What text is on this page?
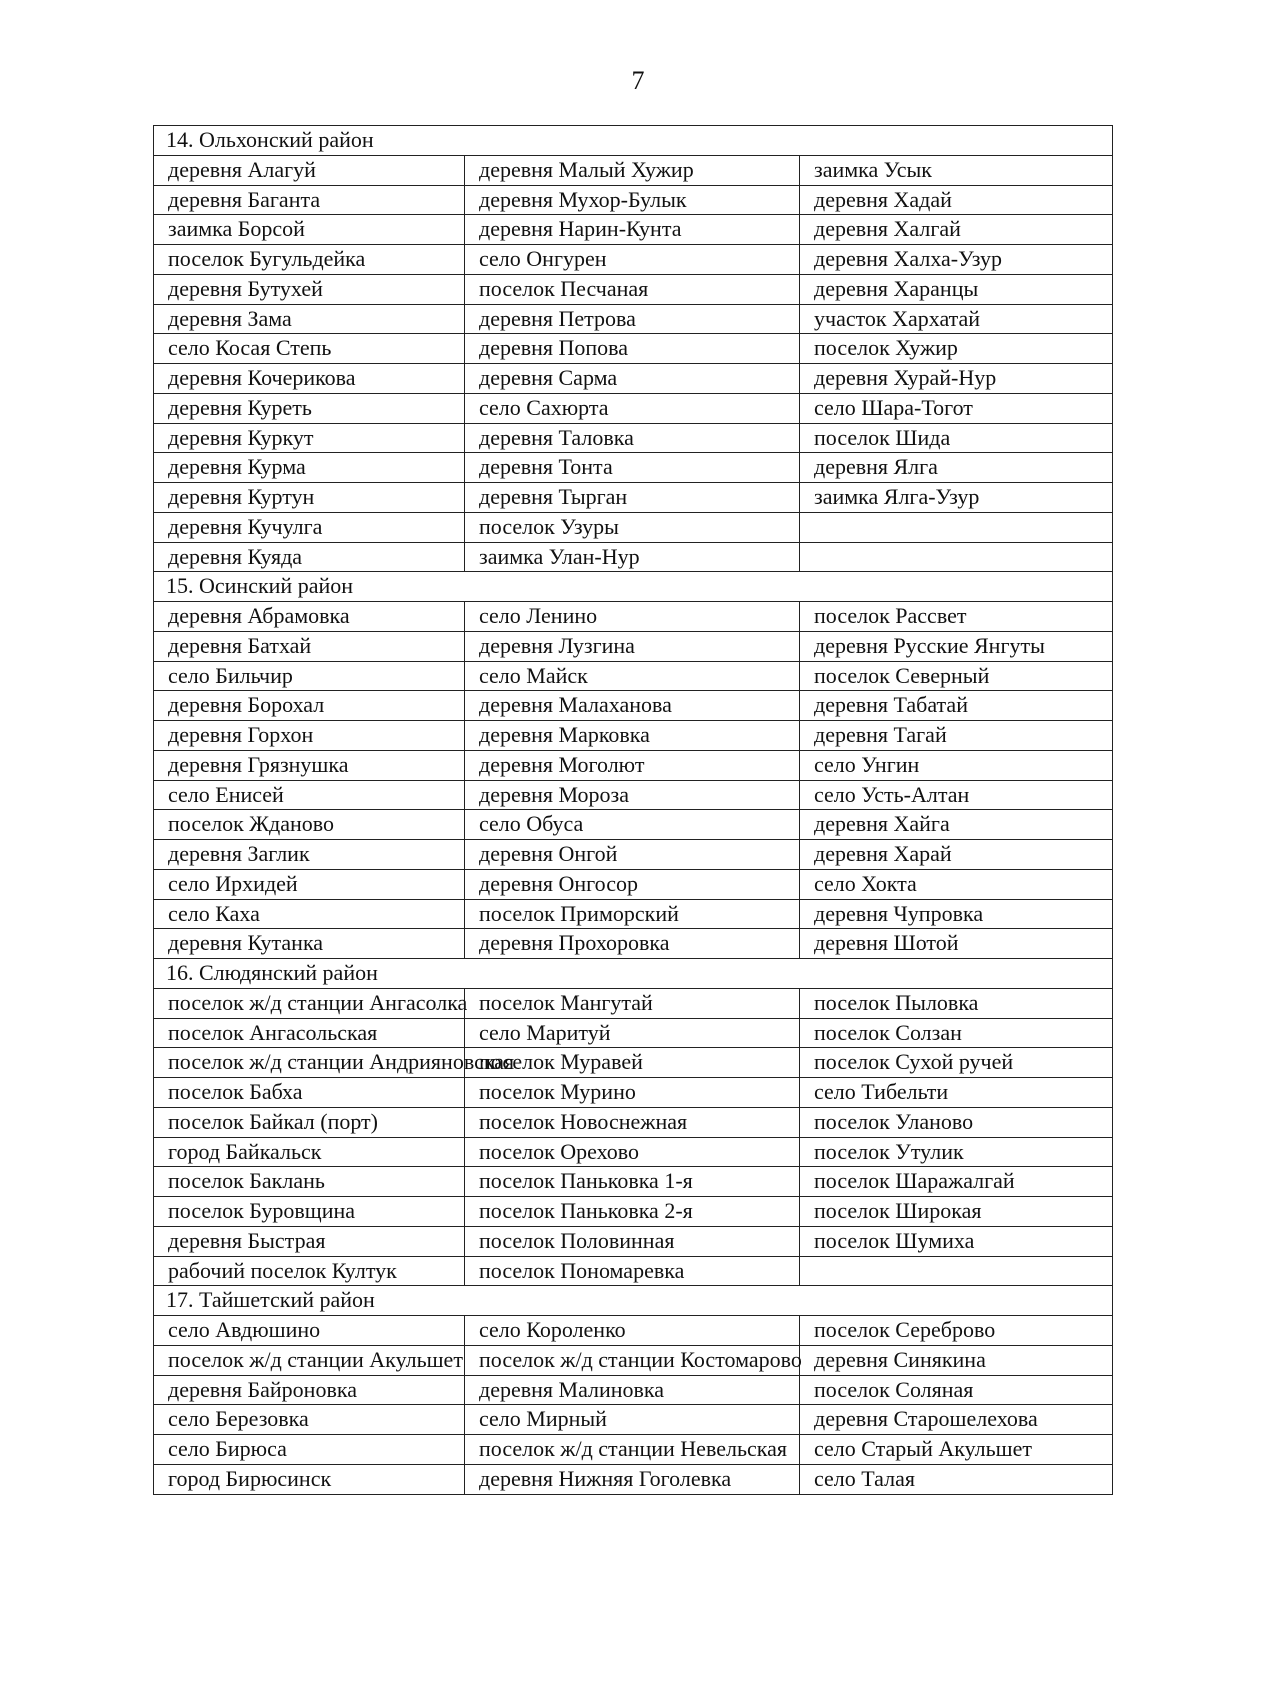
7
14. Ольхонский район		
деревня Алагуй	деревня Малый Хужир	заимка Усык
деревня Баганта	деревня Мухор-Булык	деревня Хадай
заимка Борсой	деревня Нарин-Кунта	деревня Халгай
поселок Бугульдейка	село Онгурен	деревня Халха-Узур
деревня Бутухей	поселок Песчаная	деревня Харанцы
деревня Зама	деревня Петрова	участок Хархатай
село Косая Степь	деревня Попова	поселок Хужир
деревня Кочерикова	деревня Сарма	деревня Хурай-Нур
деревня Куреть	село Сахюрта	село Шара-Тогот
деревня Куркут	деревня Таловка	поселок Шида
деревня Курма	деревня Тонта	деревня Ялга
деревня Куртун	деревня Тырган	заимка Ялга-Узур
деревня Кучулга	поселок Узуры	
деревня Куяда	заимка Улан-Нур	
15. Осинский район		
деревня Абрамовка	село Ленино	поселок Рассвет
деревня Батхай	деревня Лузгина	деревня Русские Янгуты
село Бильчир	село Майск	поселок Северный
деревня Борохал	деревня Малаханова	деревня Табатай
деревня Горхон	деревня Марковка	деревня Тагай
деревня Грязнушка	деревня Моголют	село Унгин
село Енисей	деревня Мороза	село Усть-Алтан
поселок Жданово	село Обуса	деревня Хайга
деревня Заглик	деревня Онгой	деревня Харай
село Ирхидей	деревня Онгосор	село Хокта
село Каха	поселок Приморский	деревня Чупровка
деревня Кутанка	деревня Прохоровка	деревня Шотой
16. Слюдянский район		
поселок ж/д станции Ангасолка	поселок Мангутай	поселок Пыловка
поселок Ангасольская	село Маритуй	поселок Солзан
поселок ж/д станции Андрияновская	поселок Муравей	поселок Сухой ручей
поселок Бабха	поселок Мурино	село Тибельти
поселок Байкал (порт)	поселок Новоснежная	поселок Уланово
город Байкальск	поселок Орехово	поселок Утулик
поселок Баклань	поселок Паньковка 1-я	поселок Шаражалгай
поселок Буровщина	поселок Паньковка 2-я	поселок Широкая
деревня Быстрая	поселок Половинная	поселок Шумиха
рабочий поселок Култук	поселок Пономаревка	
17. Тайшетский район		
село Авдюшино	село Короленко	поселок Сереброво
поселок ж/д станции Акульшет	поселок ж/д станции Костомарово	деревня Синякина
деревня Байроновка	деревня Малиновка	поселок Соляная
село Березовка	село Мирный	деревня Старошелехова
село Бирюса	поселок ж/д станции Невельская	село Старый Акульшет
город Бирюсинск	деревня Нижняя Гоголевка	село Талая
